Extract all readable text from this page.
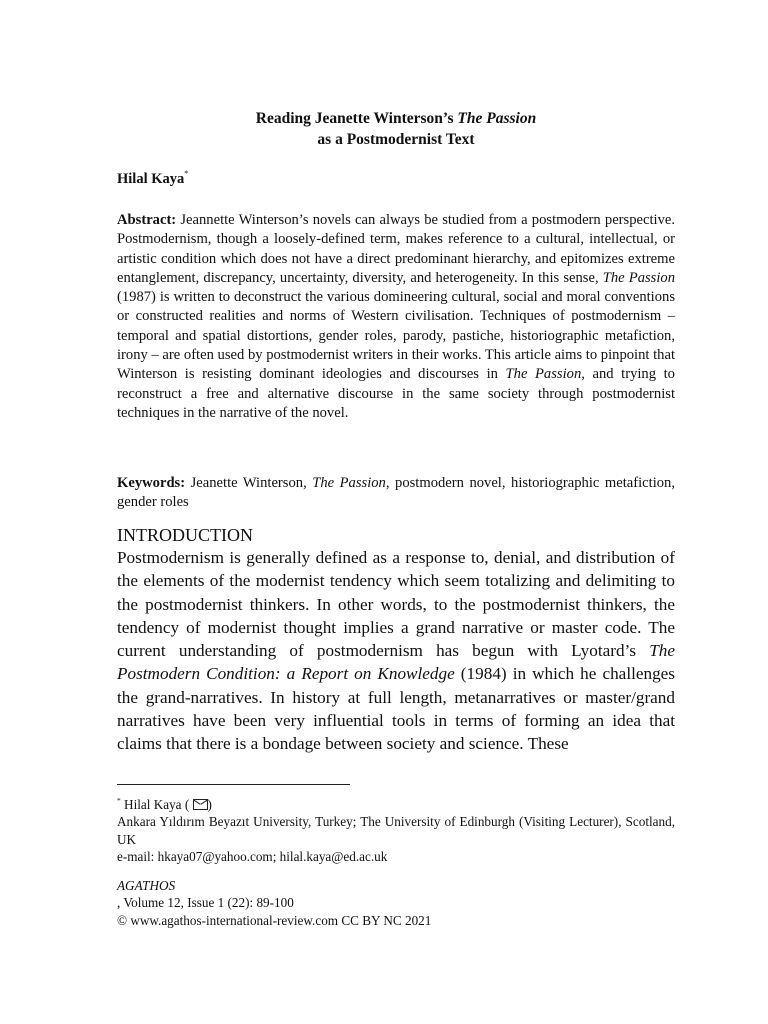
Reading Jeanette Winterson’s The Passion
as a Postmodernist Text
Hilal Kaya*
Abstract: Jeannette Winterson’s novels can always be studied from a postmodern perspective. Postmodernism, though a loosely-defined term, makes reference to a cultural, intellectual, or artistic condition which does not have a direct predominant hierarchy, and epitomizes extreme entanglement, discrepancy, uncertainty, diversity, and heterogeneity. In this sense, The Passion (1987) is written to deconstruct the various domineering cultural, social and moral conventions or constructed realities and norms of Western civilisation. Techniques of postmodernism – temporal and spatial distortions, gender roles, parody, pastiche, historiographic metafiction, irony – are often used by postmodernist writers in their works. This article aims to pinpoint that Winterson is resisting dominant ideologies and discourses in The Passion, and trying to reconstruct a free and alternative discourse in the same society through postmodernist techniques in the narrative of the novel.
Keywords: Jeanette Winterson, The Passion, postmodern novel, historiographic metafiction, gender roles
INTRODUCTION
Postmodernism is generally defined as a response to, denial, and distribution of the elements of the modernist tendency which seem totalizing and delimiting to the postmodernist thinkers. In other words, to the postmodernist thinkers, the tendency of modernist thought implies a grand narrative or master code. The current understanding of postmodernism has begun with Lyotard’s The Postmodern Condition: a Report on Knowledge (1984) in which he challenges the grand-narratives. In history at full length, metanarratives or master/grand narratives have been very influential tools in terms of forming an idea that claims that there is a bondage between society and science. These
* Hilal Kaya ( )
Ankara Yıldırım Beyazıt University, Turkey; The University of Edinburgh (Visiting Lecturer), Scotland, UK
e-mail: hkaya07@yahoo.com; hilal.kaya@ed.ac.uk
AGATHOS
, Volume 12, Issue 1 (22): 89-100
© www.agathos-international-review.com CC BY NC 2021
